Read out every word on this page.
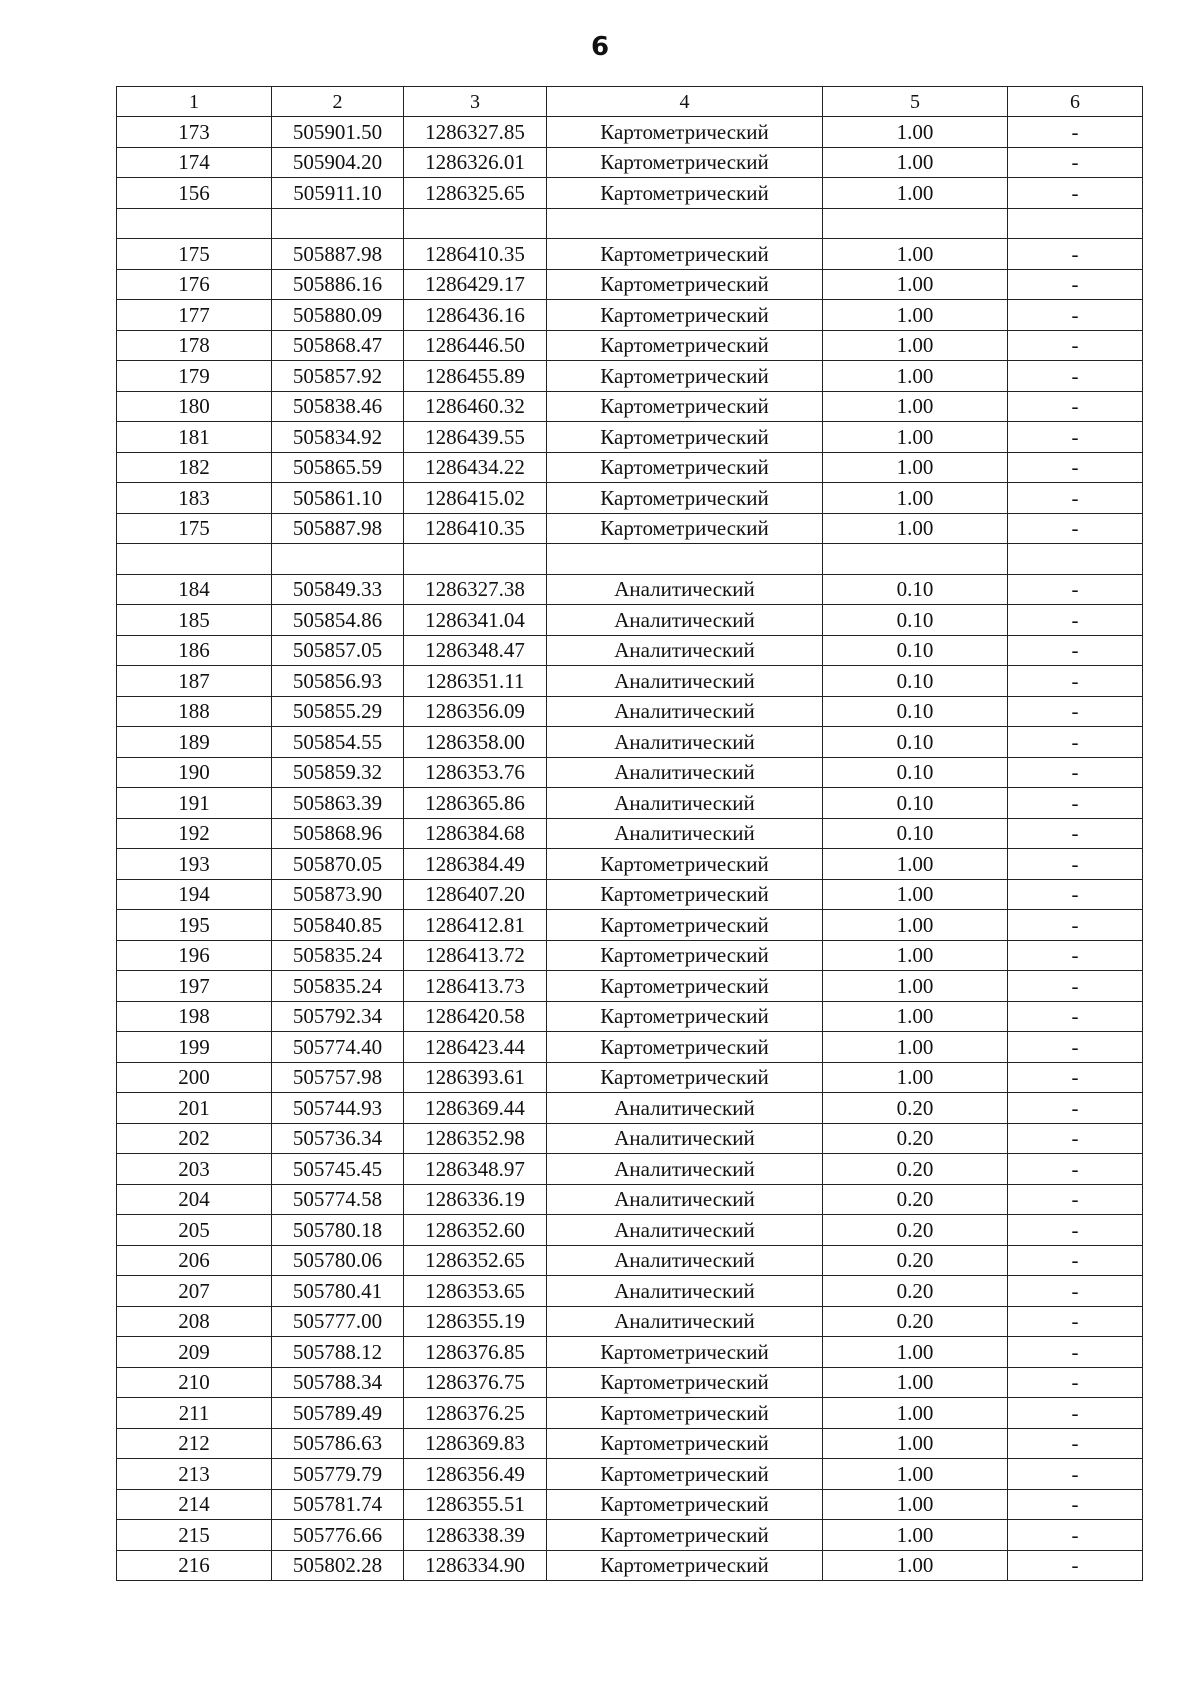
6
1	2	3	4	5	6
173	505901.50	1286327.85	Картометрический	1.00	-
174	505904.20	1286326.01	Картометрический	1.00	-
156	505911.10	1286325.65	Картометрический	1.00	-

175	505887.98	1286410.35	Картометрический	1.00	-
176	505886.16	1286429.17	Картометрический	1.00	-
177	505880.09	1286436.16	Картометрический	1.00	-
178	505868.47	1286446.50	Картометрический	1.00	-
179	505857.92	1286455.89	Картометрический	1.00	-
180	505838.46	1286460.32	Картометрический	1.00	-
181	505834.92	1286439.55	Картометрический	1.00	-
182	505865.59	1286434.22	Картометрический	1.00	-
183	505861.10	1286415.02	Картометрический	1.00	-
175	505887.98	1286410.35	Картометрический	1.00	-

184	505849.33	1286327.38	Аналитический	0.10	-
185	505854.86	1286341.04	Аналитический	0.10	-
186	505857.05	1286348.47	Аналитический	0.10	-
187	505856.93	1286351.11	Аналитический	0.10	-
188	505855.29	1286356.09	Аналитический	0.10	-
189	505854.55	1286358.00	Аналитический	0.10	-
190	505859.32	1286353.76	Аналитический	0.10	-
191	505863.39	1286365.86	Аналитический	0.10	-
192	505868.96	1286384.68	Аналитический	0.10	-
193	505870.05	1286384.49	Картометрический	1.00	-
194	505873.90	1286407.20	Картометрический	1.00	-
195	505840.85	1286412.81	Картометрический	1.00	-
196	505835.24	1286413.72	Картометрический	1.00	-
197	505835.24	1286413.73	Картометрический	1.00	-
198	505792.34	1286420.58	Картометрический	1.00	-
199	505774.40	1286423.44	Картометрический	1.00	-
200	505757.98	1286393.61	Картометрический	1.00	-
201	505744.93	1286369.44	Аналитический	0.20	-
202	505736.34	1286352.98	Аналитический	0.20	-
203	505745.45	1286348.97	Аналитический	0.20	-
204	505774.58	1286336.19	Аналитический	0.20	-
205	505780.18	1286352.60	Аналитический	0.20	-
206	505780.06	1286352.65	Аналитический	0.20	-
207	505780.41	1286353.65	Аналитический	0.20	-
208	505777.00	1286355.19	Аналитический	0.20	-
209	505788.12	1286376.85	Картометрический	1.00	-
210	505788.34	1286376.75	Картометрический	1.00	-
211	505789.49	1286376.25	Картометрический	1.00	-
212	505786.63	1286369.83	Картометрический	1.00	-
213	505779.79	1286356.49	Картометрический	1.00	-
214	505781.74	1286355.51	Картометрический	1.00	-
215	505776.66	1286338.39	Картометрический	1.00	-
216	505802.28	1286334.90	Картометрический	1.00	-
